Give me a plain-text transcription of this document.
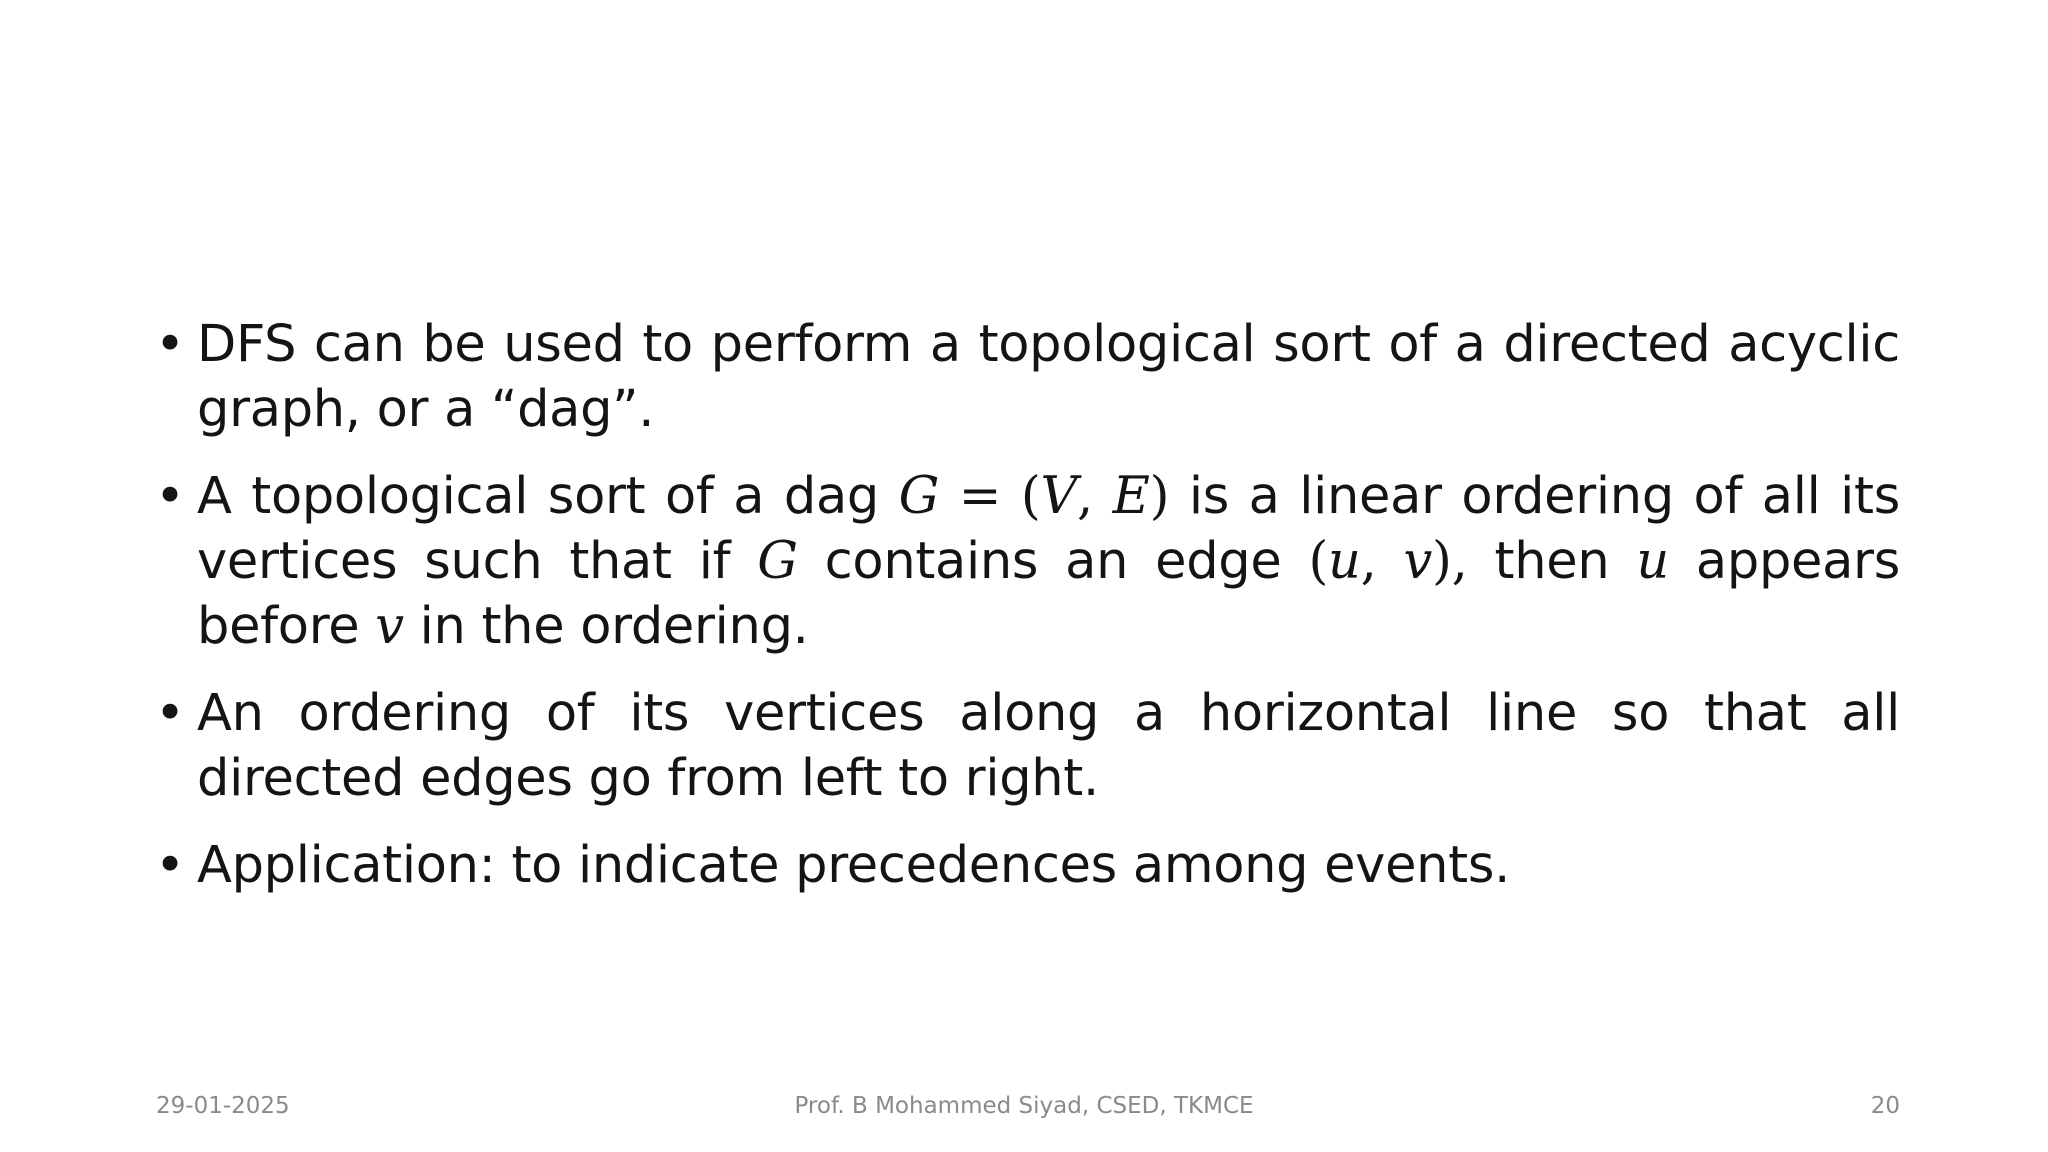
• DFS can be used to perform a topological sort of a directed acyclic graph, or a “dag”.
• A topological sort of a dag G = (V, E) is a linear ordering of all its vertices such that if G contains an edge (u, v), then u appears before v in the ordering.
• An ordering of its vertices along a horizontal line so that all directed edges go from left to right.
• Application: to indicate precedences among events.
29-01-2025	Prof. B Mohammed Siyad, CSED, TKMCE	20
